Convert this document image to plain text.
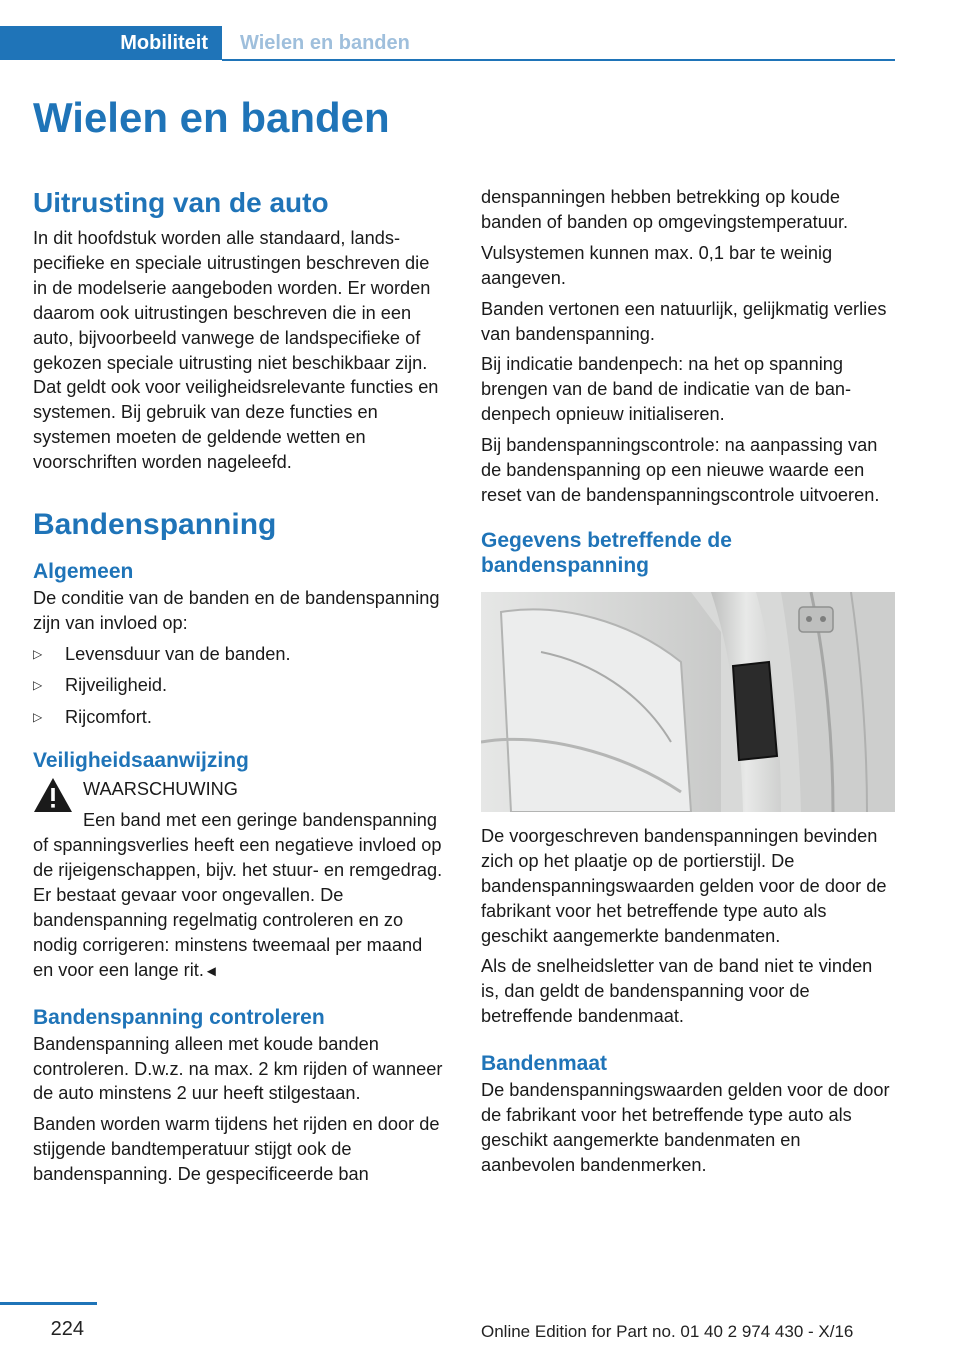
Mobiliteit	Wielen en banden
Wielen en banden
Uitrusting van de auto

In dit hoofdstuk worden alle standaard, landspecifieke en speciale uitrustingen beschreven die in de modelserie aangeboden worden. Er worden daarom ook uitrustingen beschreven die in een auto, bijvoorbeeld vanwege de landspecifieke of gekozen speciale uitrusting niet beschikbaar zijn. Dat geldt ook voor veiligheidsrelevante functies en systemen. Bij gebruik van deze functies en systemen moeten de geldende wetten en voorschriften worden nageleefd.

Bandenspanning
Algemeen

De conditie van de banden en de bandenspanning zijn van invloed op:

▷ Levensduur van de banden.
▷ Rijveiligheid.
▷ Rijcomfort.
Veiligheidsaanwijzing

WAARSCHUWING

Een band met een geringe bandenspanning of spanningsverlies heeft een negatieve invloed op de rijeigenschappen, bijv. het stuur- en remgedrag. Er bestaat gevaar voor ongevallen. De bandenspanning regelmatig controleren en zo nodig corrigeren: minstens tweemaal per maand en voor een lange rit.◄

Bandenspanning controleren

Bandenspanning alleen met koude banden controleren. D.w.z. na max. 2 km rijden of wanneer de auto minstens 2 uur heeft stilgestaan.

Banden worden warm tijdens het rijden en door de stijgende bandtemperatuur stijgt ook de bandenspanning. De gespecificeerde ban

denspanningen hebben betrekking op koude banden of banden op omgevingstemperatuur.

Vulsystemen kunnen max. 0,1 bar te weinig aangeven.

Banden vertonen een natuurlijk, gelijkmatig verlies van bandenspanning.

Bij indicatie bandenpech: na het op spanning brengen van de band de indicatie van de bandenpech opnieuw initialiseren.

Bij bandenspanningscontrole: na aanpassing van de bandenspanning op een nieuwe waarde een reset van de bandenspanningscontrole uitvoeren.

Gegevens betreffende de bandenspanning

De voorgeschreven bandenspanningen bevinden zich op het plaatje op de portierstijl. De bandenspanningswaarden gelden voor de door de fabrikant voor het betreffende type auto als geschikt aangemerkte bandenmaten.

Als de snelheidsletter van de band niet te vinden is, dan geldt de bandenspanning voor de betreffende bandenmaat.

Bandenmaat

De bandenspanningswaarden gelden voor de door de fabrikant voor het betreffende type auto als geschikt aangemerkte bandenmaten en aanbevolen bandenmerken.

224	Online Edition for Part no. 01 40 2 974 430 - X/16
